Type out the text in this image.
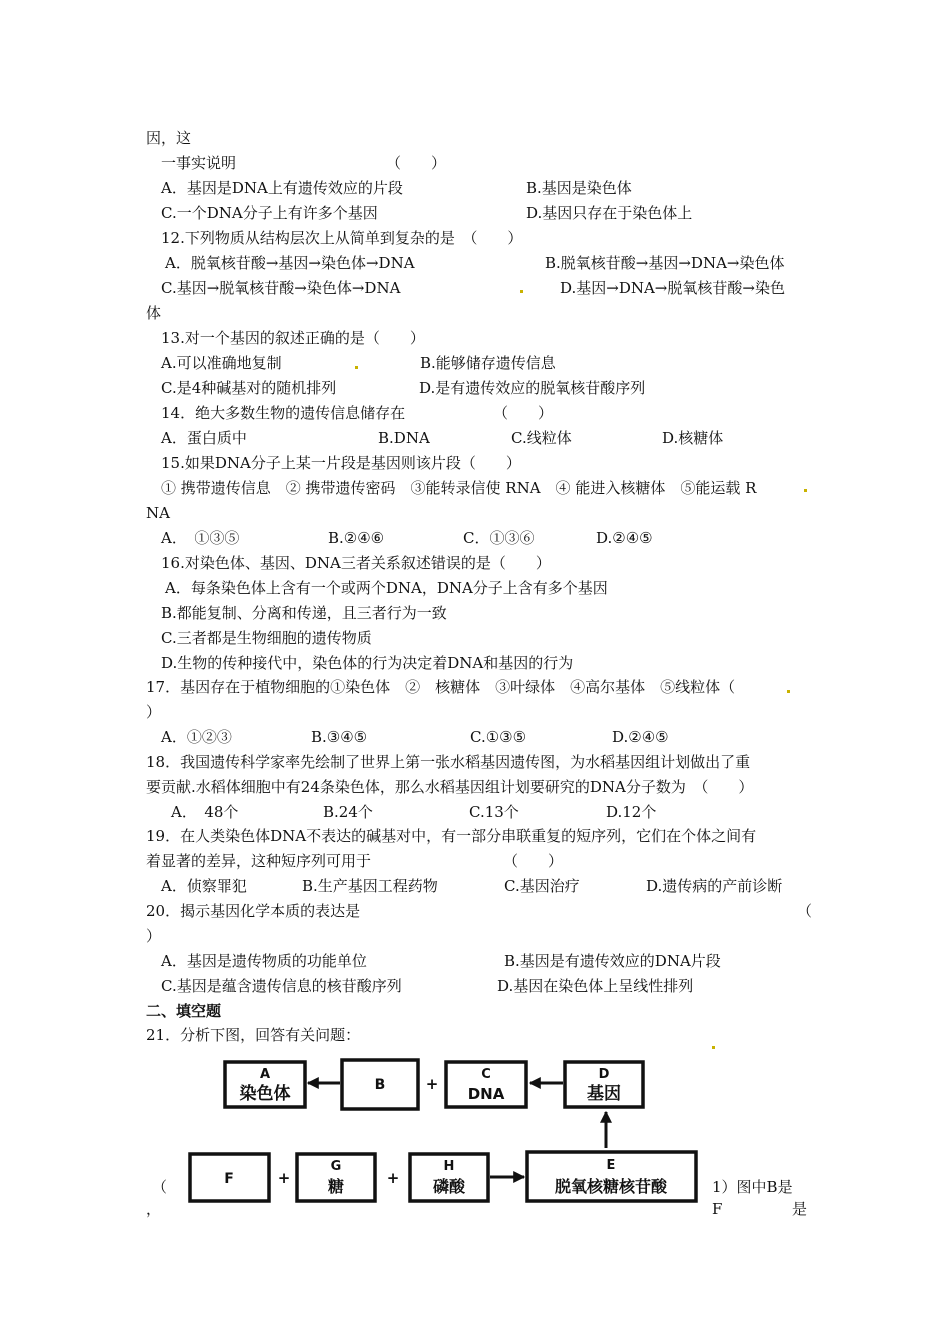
因，这
一事实说明	（　　）
A．基因是DNA上有遗传效应的片段	B.基因是染色体
C.一个DNA分子上有许多个基因	D.基因只存在于染色体上
12.下列物质从结构层次上从简单到复杂的是　（　　）
A．脱氧核苷酸→基因→染色体→DNA	B.脱氧核苷酸→基因→DNA→染色体
C.基因→脱氧核苷酸→染色体→DNA	D.基因→DNA→脱氧核苷酸→染色
体
13.对一个基因的叙述正确的是（　　）
A.可以准确地复制	B.能够储存遗传信息
C.是4种碱基对的随机排列	D.是有遗传效应的脱氧核苷酸序列
14．绝大多数生物的遗传信息储存在	（　　）
A．蛋白质中	B.DNA	C.线粒体	D.核糖体
15.如果DNA分子上某一片段是基因则该片段（　　）
① 携带遗传信息　② 携带遗传密码　③能转录信使 RNA　④ 能进入核糖体　⑤能运载 R
NA
A．　①③⑤	B.②④⑥	C．①③⑥	D.②④⑤
16.对染色体、基因、DNA三者关系叙述错误的是（　　）
A．每条染色体上含有一个或两个DNA，DNA分子上含有多个基因
B.都能复制、分离和传递，且三者行为一致
C.三者都是生物细胞的遗传物质
D.生物的传种接代中，染色体的行为决定着DNA和基因的行为
17．基因存在于植物细胞的①染色体　②　核糖体　③叶绿体　④高尔基体　⑤线粒体（
）
A．①②③	B.③④⑤	C.①③⑤	D.②④⑤
18．我国遗传科学家率先绘制了世界上第一张水稻基因遗传图，为水稻基因组计划做出了重
要贡献.水稻体细胞中有24条染色体，那么水稻基因组计划要研究的DNA分子数为　（　　）
A．　48个	B.24个	C.13个	D.12个
19．在人类染色体DNA不表达的碱基对中，有一部分串联重复的短序列，它们在个体之间有
着显著的差异，这种短序列可用于	（　　）
A．侦察罪犯	B.生产基因工程药物	C.基因治疗	D.遗传病的产前诊断
20．揭示基因化学本质的表达是	（
）
A．基因是遗传物质的功能单位	B.基因是有遗传效应的DNA片段
C.基因是蕴含遗传信息的核苷酸序列	D.基因在染色体上呈线性排列
二、填空题
21．分析下图，回答有关问题：
（	1）图中B是
，	F	是
A
染色体	B	+
C
DNA
D
基因
F	+
G
糖	+
H
磷酸
E
脱氧核糖核苷酸
